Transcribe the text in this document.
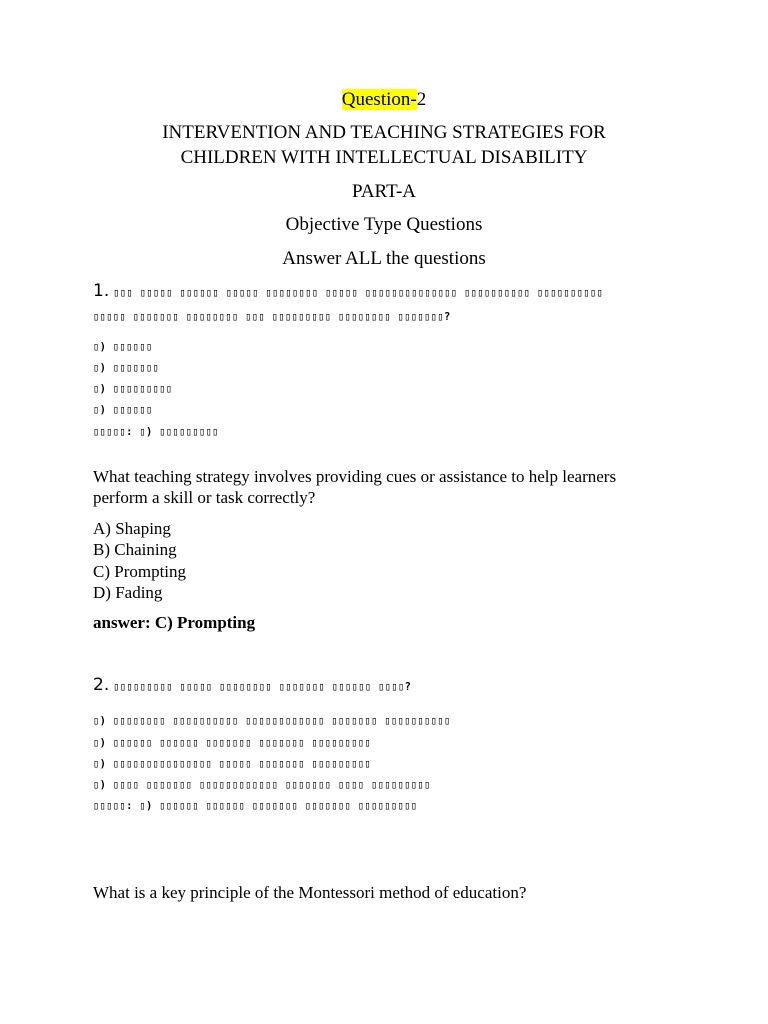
Question-2
INTERVENTION AND TEACHING STRATEGIES FOR
CHILDREN WITH INTELLECTUAL DISABILITY
PART-A
Objective Type Questions
Answer ALL the questions
1. ▯▯▯ ▯▯▯▯▯ ▯▯▯▯▯▯ ▯▯▯▯▯ ▯▯▯▯▯▯▯▯ ▯▯▯▯▯ ▯▯▯▯▯▯▯▯▯▯▯▯▯▯ ▯▯▯▯▯▯▯▯▯▯ ▯▯▯▯▯▯▯▯▯▯
▯▯▯▯▯ ▯▯▯▯▯▯▯ ▯▯▯▯▯▯▯▯ ▯▯▯ ▯▯▯▯▯▯▯▯▯ ▯▯▯▯▯▯▯▯ ▯▯▯▯▯▯▯?
▯) ▯▯▯▯▯▯
▯) ▯▯▯▯▯▯▯
▯) ▯▯▯▯▯▯▯▯▯
▯) ▯▯▯▯▯▯
▯▯▯▯▯: ▯) ▯▯▯▯▯▯▯▯▯
What teaching strategy involves providing cues or assistance to help learners perform a skill or task correctly?
A) Shaping
B) Chaining
C) Prompting
D) Fading
answer: C) Prompting
2. ▯▯▯▯▯▯▯▯▯ ▯▯▯▯▯ ▯▯▯▯▯▯▯▯ ▯▯▯▯▯▯▯ ▯▯▯▯▯▯ ▯▯▯▯?
▯) ▯▯▯▯▯▯▯▯ ▯▯▯▯▯▯▯▯▯▯ ▯▯▯▯▯▯▯▯▯▯▯▯ ▯▯▯▯▯▯▯ ▯▯▯▯▯▯▯▯▯▯
▯) ▯▯▯▯▯▯ ▯▯▯▯▯▯ ▯▯▯▯▯▯▯ ▯▯▯▯▯▯▯ ▯▯▯▯▯▯▯▯▯
▯) ▯▯▯▯▯▯▯▯▯▯▯▯▯▯▯ ▯▯▯▯▯ ▯▯▯▯▯▯▯ ▯▯▯▯▯▯▯▯▯
▯) ▯▯▯▯ ▯▯▯▯▯▯▯ ▯▯▯▯▯▯▯▯▯▯▯▯ ▯▯▯▯▯▯▯ ▯▯▯▯ ▯▯▯▯▯▯▯▯▯
▯▯▯▯▯: ▯) ▯▯▯▯▯▯ ▯▯▯▯▯▯ ▯▯▯▯▯▯▯ ▯▯▯▯▯▯▯ ▯▯▯▯▯▯▯▯▯
What is a key principle of the Montessori method of education?
